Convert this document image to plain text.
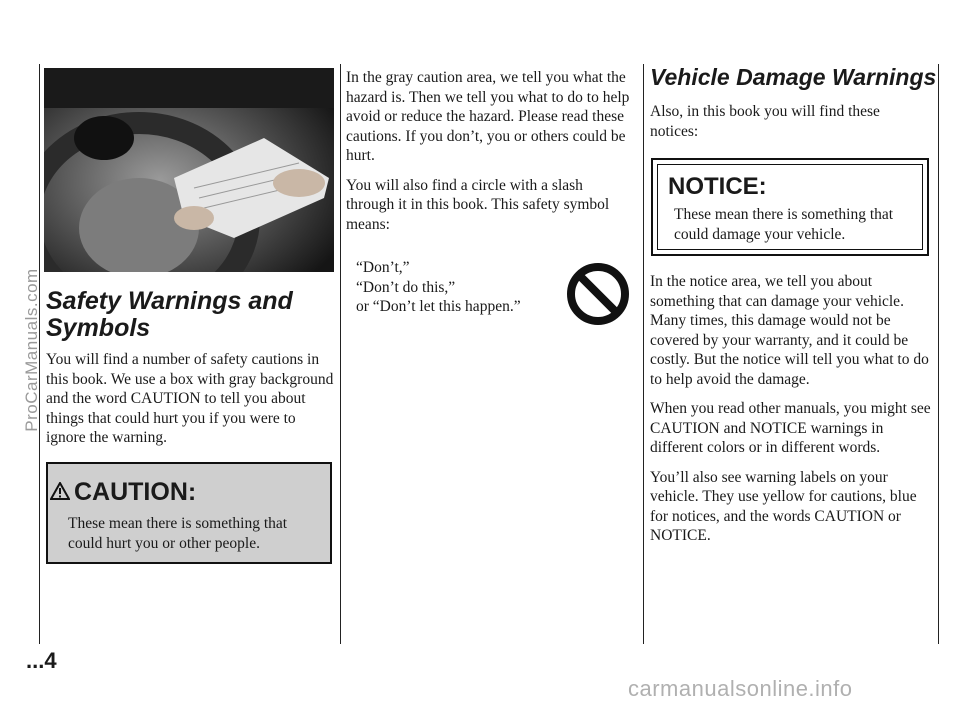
Safety Warnings and Symbols

You will find a number of safety cautions in this book. We use a box with gray background and the word CAUTION to tell you about things that could hurt you if you were to ignore the warning.

CAUTION:
These mean there is something that could hurt you or other people.

In the gray caution area, we tell you what the hazard is. Then we tell you what to do to help avoid or reduce the hazard. Please read these cautions. If you don’t, you or others could be hurt.

You will also find a circle with a slash through it in this book. This safety symbol means:

“Don’t,”

“Don’t do this,”

or “Don’t let this happen.”

Vehicle Damage Warnings

Also, in this book you will find these notices:

NOTICE:
These mean there is something that could damage your vehicle.

In the notice area, we tell you about something that can damage your vehicle. Many times, this damage would not be covered by your warranty, and it could be costly. But the notice will tell you what to do to help avoid the damage.

When you read other manuals, you might see CAUTION and NOTICE warnings in different colors or in different words.

You’ll also see warning labels on your vehicle. They use yellow for cautions, blue for notices, and the words CAUTION or NOTICE.

...4
ProCarManuals.com
carmanualsonline.info
